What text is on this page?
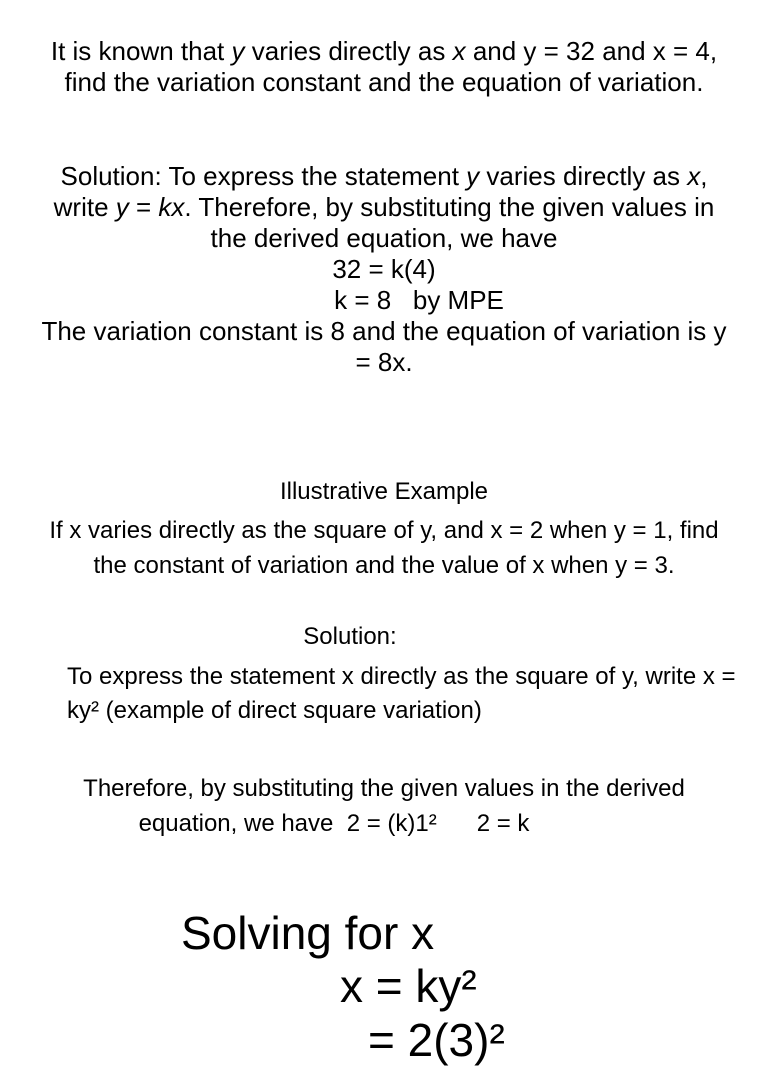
It is known that y varies directly as x and y = 32 and x = 4, find the variation constant and the equation of variation.

Solution: To express the statement y varies directly as x, write y = kx. Therefore, by substituting the given values in the derived equation, we have
32 = k(4)
k = 8   by MPE
The variation constant is 8 and the equation of variation is y = 8x.

Illustrative Example

If x varies directly as the square of y, and x = 2 when y = 1, find the constant of variation and the value of x when y = 3.

Solution:

To express the statement x directly as the square of y, write x = ky² (example of direct square variation)

Therefore, by substituting the given values in the derived
equation, we have  2 = (k)1² 2 = k

Solving for x

x = ky²

= 2(3)²
